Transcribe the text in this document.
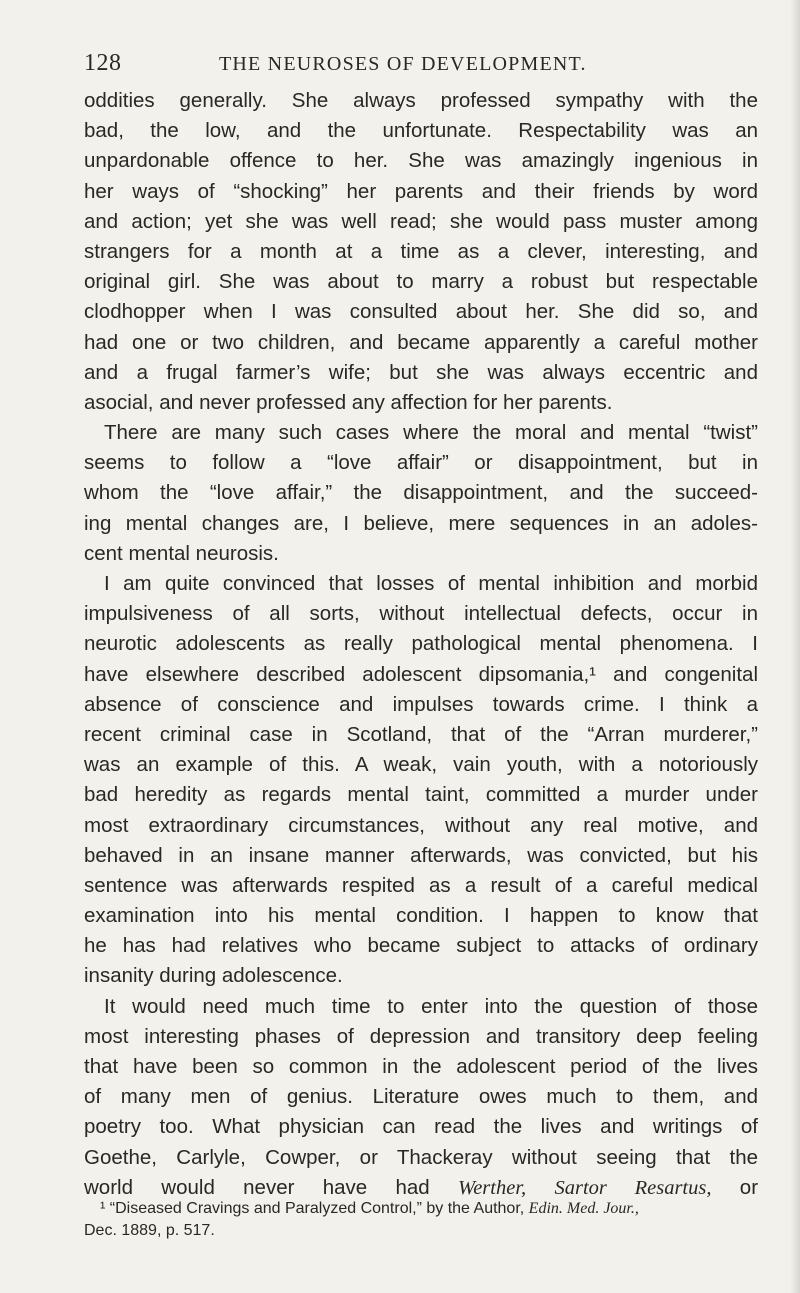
128	THE NEUROSES OF DEVELOPMENT.
oddities generally. She always professed sympathy with the
bad, the low, and the unfortunate. Respectability was an
unpardonable offence to her. She was amazingly ingenious in
her ways of “shocking” her parents and their friends by word
and action; yet she was well read; she would pass muster among
strangers for a month at a time as a clever, interesting, and
original girl. She was about to marry a robust but respectable
clodhopper when I was consulted about her. She did so, and
had one or two children, and became apparently a careful mother
and a frugal farmer’s wife; but she was always eccentric and
asocial, and never professed any affection for her parents.
There are many such cases where the moral and mental “twist”
seems to follow a “love affair” or disappointment, but in
whom the “love affair,” the disappointment, and the succeed-
ing mental changes are, I believe, mere sequences in an adoles-
cent mental neurosis.
I am quite convinced that losses of mental inhibition and morbid
impulsiveness of all sorts, without intellectual defects, occur in
neurotic adolescents as really pathological mental phenomena. I
have elsewhere described adolescent dipsomania,¹ and congenital
absence of conscience and impulses towards crime. I think a
recent criminal case in Scotland, that of the “Arran murderer,”
was an example of this. A weak, vain youth, with a notoriously
bad heredity as regards mental taint, committed a murder under
most extraordinary circumstances, without any real motive, and
behaved in an insane manner afterwards, was convicted, but his
sentence was afterwards respited as a result of a careful medical
examination into his mental condition. I happen to know that
he has had relatives who became subject to attacks of ordinary
insanity during adolescence.
It would need much time to enter into the question of those
most interesting phases of depression and transitory deep feeling
that have been so common in the adolescent period of the lives
of many men of genius. Literature owes much to them, and
poetry too. What physician can read the lives and writings of
Goethe, Carlyle, Cowper, or Thackeray without seeing that the
world would never have had Werther, Sartor Resartus, or
¹ “Diseased Cravings and Paralyzed Control,” by the Author, Edin. Med. Jour.,
Dec. 1889, p. 517.
